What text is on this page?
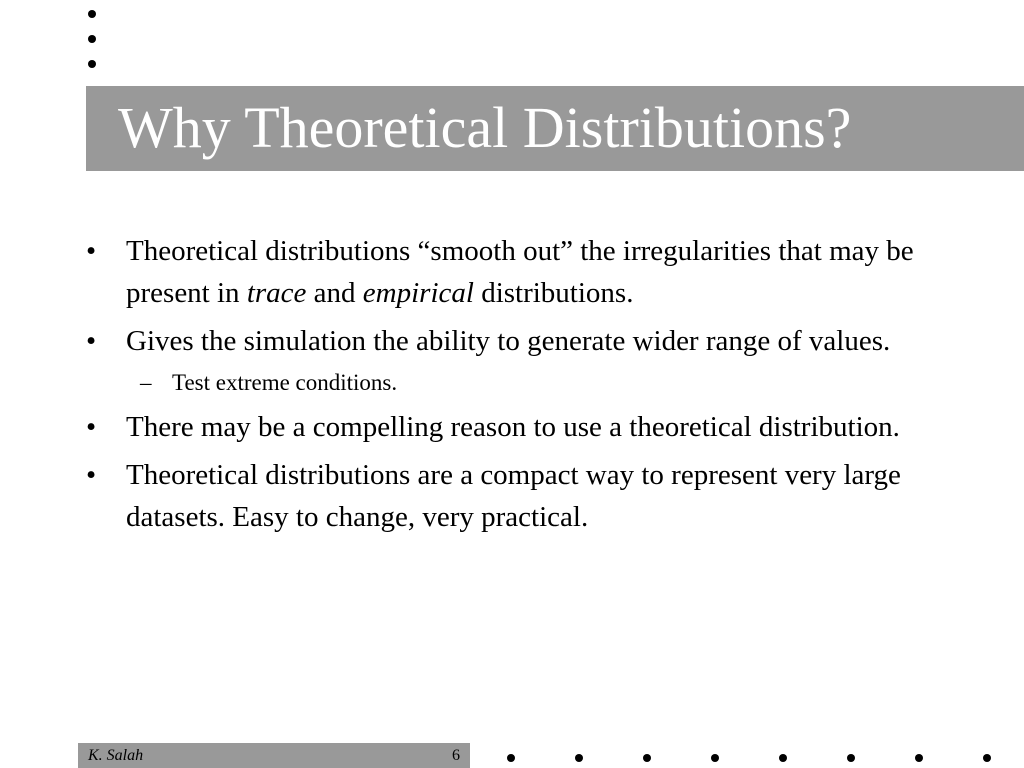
Why Theoretical Distributions?
•	Theoretical distributions “smooth out” the irregularities that may be present in trace and empirical distributions.
•	Gives the simulation the ability to generate wider range of values.
– Test extreme conditions.
•	There may be a compelling reason to use a theoretical distribution.
•	Theoretical distributions are a compact way to represent very large datasets. Easy to change, very practical.
K. Salah	6
